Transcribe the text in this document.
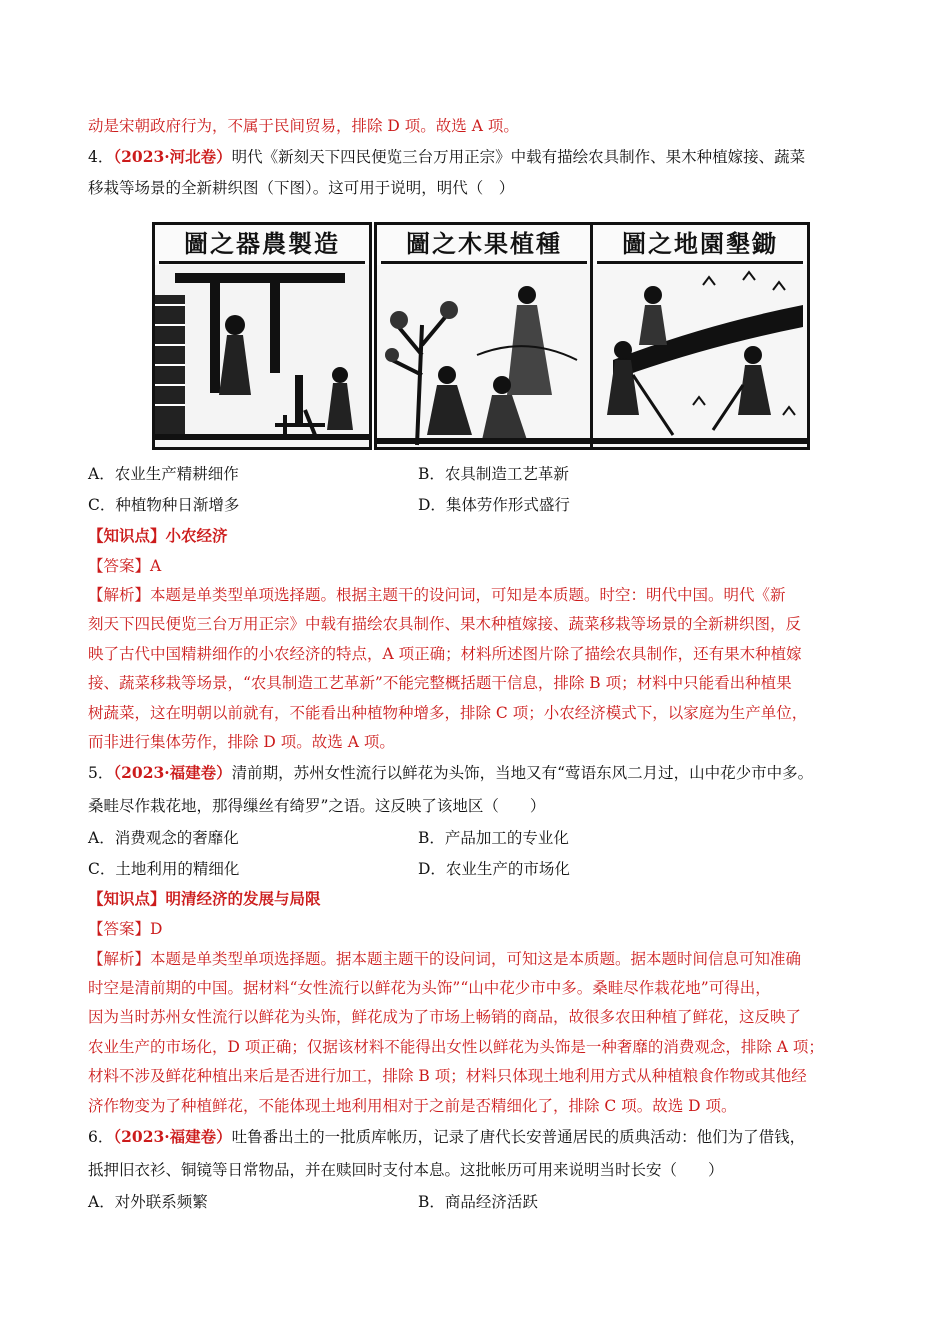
动是宋朝政府行为，不属于民间贸易，排除 D 项。故选 A 项。
4．（2023·河北卷）明代《新刻天下四民便览三台万用正宗》中载有描绘农具制作、果木种植嫁接、蔬菜
移栽等场景的全新耕织图（下图）。这可用于说明，明代（　）
圖之器農製造	圖之木果植種	圖之地園墾鋤
A．农业生产精耕细作	B．农具制造工艺革新
C．种植物种日渐增多	D．集体劳作形式盛行
【知识点】小农经济
【答案】A
【解析】本题是单类型单项选择题。根据主题干的设问词，可知是本质题。时空：明代中国。明代《新
刻天下四民便览三台万用正宗》中载有描绘农具制作、果木种植嫁接、蔬菜移栽等场景的全新耕织图，反
映了古代中国精耕细作的小农经济的特点，A 项正确；材料所述图片除了描绘农具制作，还有果木种植嫁
接、蔬菜移栽等场景，“农具制造工艺革新”不能完整概括题干信息，排除 B 项；材料中只能看出种植果
树蔬菜，这在明朝以前就有，不能看出种植物种增多，排除 C 项；小农经济模式下，以家庭为生产单位，
而非进行集体劳作，排除 D 项。故选 A 项。
5．（2023·福建卷）清前期，苏州女性流行以鲜花为头饰，当地又有“莺语东风二月过，山中花少市中多。
桑畦尽作栽花地，那得缫丝有绮罗”之语。这反映了该地区（　　）
A．消费观念的奢靡化	B．产品加工的专业化
C．土地利用的精细化	D．农业生产的市场化
【知识点】明清经济的发展与局限
【答案】D
【解析】本题是单类型单项选择题。据本题主题干的设问词，可知这是本质题。据本题时间信息可知准确
时空是清前期的中国。据材料“女性流行以鲜花为头饰”“山中花少市中多。桑畦尽作栽花地”可得出，
因为当时苏州女性流行以鲜花为头饰，鲜花成为了市场上畅销的商品，故很多农田种植了鲜花，这反映了
农业生产的市场化，D 项正确；仅据该材料不能得出女性以鲜花为头饰是一种奢靡的消费观念，排除 A 项；
材料不涉及鲜花种植出来后是否进行加工，排除 B 项；材料只体现土地利用方式从种植粮食作物或其他经
济作物变为了种植鲜花，不能体现土地利用相对于之前是否精细化了，排除 C 项。故选 D 项。
6．（2023·福建卷）吐鲁番出土的一批质库帐历，记录了唐代长安普通居民的质典活动：他们为了借钱，
抵押旧衣衫、铜镜等日常物品，并在赎回时支付本息。这批帐历可用来说明当时长安（　　）
A．对外联系频繁	B．商品经济活跃
